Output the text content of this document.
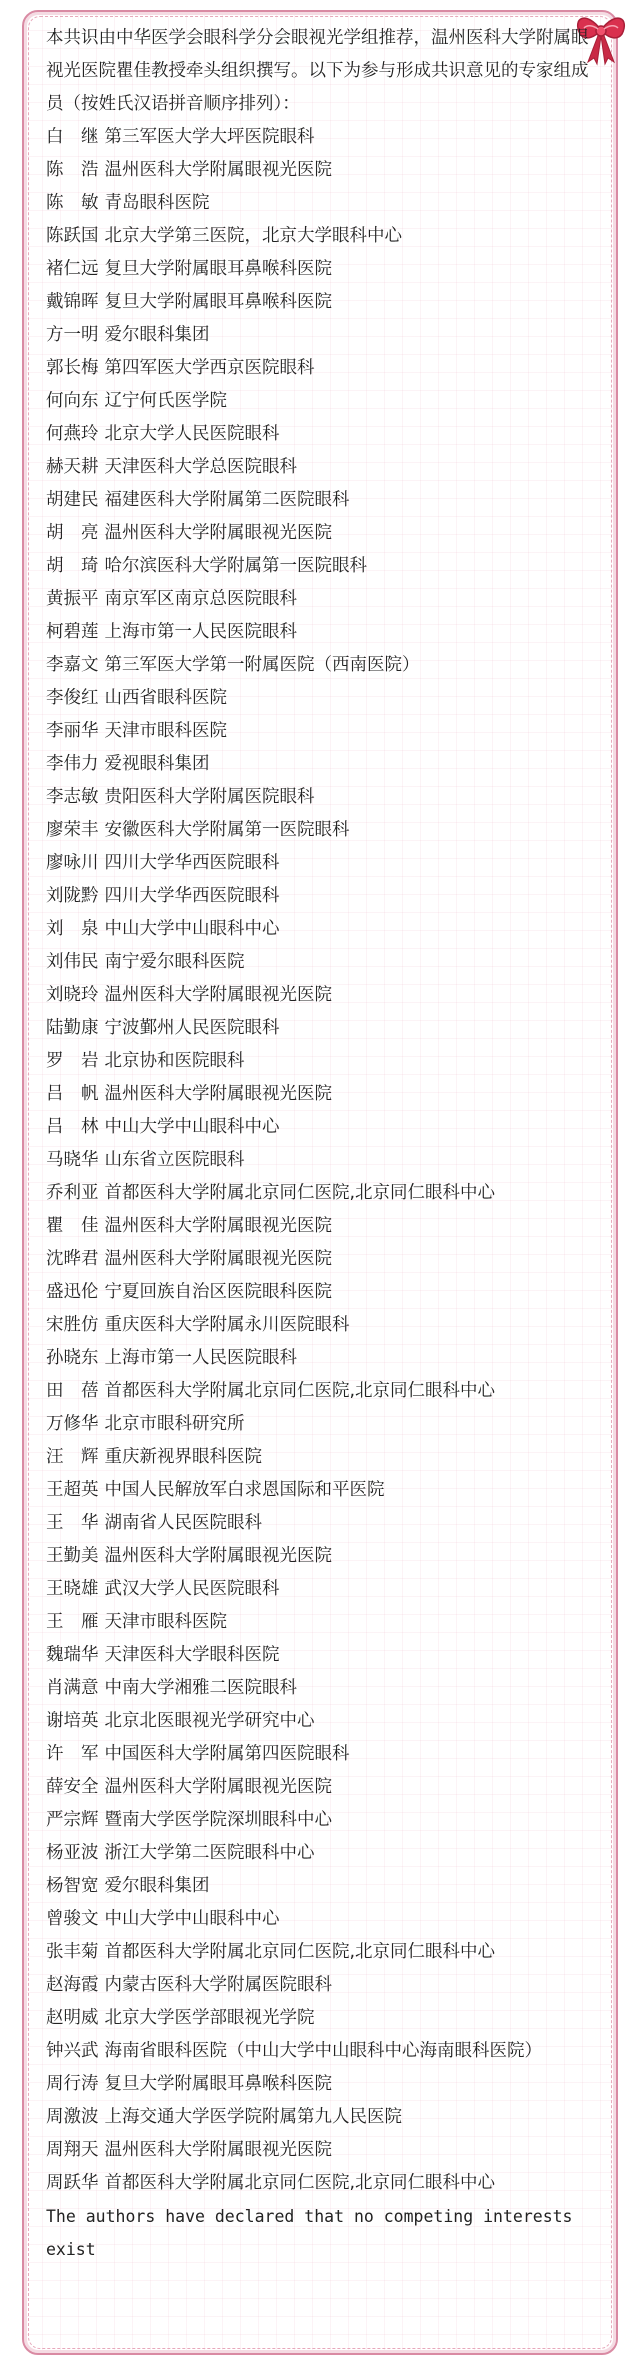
本共识由中华医学会眼科学分会眼视光学组推荐，温州医科大学附属眼视光医院瞿佳教授牵头组织撰写。以下为参与形成共识意见的专家组成员（按姓氏汉语拼音顺序排列）：

白　继 第三军医大学大坪医院眼科
陈　浩 温州医科大学附属眼视光医院
陈　敏 青岛眼科医院
陈跃国 北京大学第三医院，北京大学眼科中心
褚仁远 复旦大学附属眼耳鼻喉科医院
戴锦晖 复旦大学附属眼耳鼻喉科医院
方一明 爱尔眼科集团
郭长梅 第四军医大学西京医院眼科
何向东 辽宁何氏医学院
何燕玲 北京大学人民医院眼科
赫天耕 天津医科大学总医院眼科
胡建民 福建医科大学附属第二医院眼科
胡　亮 温州医科大学附属眼视光医院
胡　琦 哈尔滨医科大学附属第一医院眼科
黄振平 南京军区南京总医院眼科
柯碧莲 上海市第一人民医院眼科
李嘉文 第三军医大学第一附属医院（西南医院）
李俊红 山西省眼科医院
李丽华 天津市眼科医院
李伟力 爱视眼科集团
李志敏 贵阳医科大学附属医院眼科
廖荣丰 安徽医科大学附属第一医院眼科
廖咏川 四川大学华西医院眼科
刘陇黔 四川大学华西医院眼科
刘　泉 中山大学中山眼科中心
刘伟民 南宁爱尔眼科医院
刘晓玲 温州医科大学附属眼视光医院
陆勤康 宁波鄞州人民医院眼科
罗　岩 北京协和医院眼科
吕　帆 温州医科大学附属眼视光医院
吕　林 中山大学中山眼科中心
马晓华 山东省立医院眼科
乔利亚 首都医科大学附属北京同仁医院,北京同仁眼科中心
瞿　佳 温州医科大学附属眼视光医院
沈晔君 温州医科大学附属眼视光医院
盛迅伦 宁夏回族自治区医院眼科医院
宋胜仿 重庆医科大学附属永川医院眼科
孙晓东 上海市第一人民医院眼科
田　蓓 首都医科大学附属北京同仁医院,北京同仁眼科中心
万修华 北京市眼科研究所
汪　辉 重庆新视界眼科医院
王超英 中国人民解放军白求恩国际和平医院
王　华 湖南省人民医院眼科
王勤美 温州医科大学附属眼视光医院
王晓雄 武汉大学人民医院眼科
王　雁 天津市眼科医院
魏瑞华 天津医科大学眼科医院
肖满意 中南大学湘雅二医院眼科
谢培英 北京北医眼视光学研究中心
许　军 中国医科大学附属第四医院眼科
薛安全 温州医科大学附属眼视光医院
严宗辉 暨南大学医学院深圳眼科中心
杨亚波 浙江大学第二医院眼科中心
杨智宽 爱尔眼科集团
曾骏文 中山大学中山眼科中心
张丰菊 首都医科大学附属北京同仁医院,北京同仁眼科中心
赵海霞 内蒙古医科大学附属医院眼科
赵明威 北京大学医学部眼视光学院
钟兴武 海南省眼科医院（中山大学中山眼科中心海南眼科医院）
周行涛 复旦大学附属眼耳鼻喉科医院
周激波 上海交通大学医学院附属第九人民医院
周翔天 温州医科大学附属眼视光医院
周跃华 首都医科大学附属北京同仁医院,北京同仁眼科中心

The authors have declared that no competing interests exist
